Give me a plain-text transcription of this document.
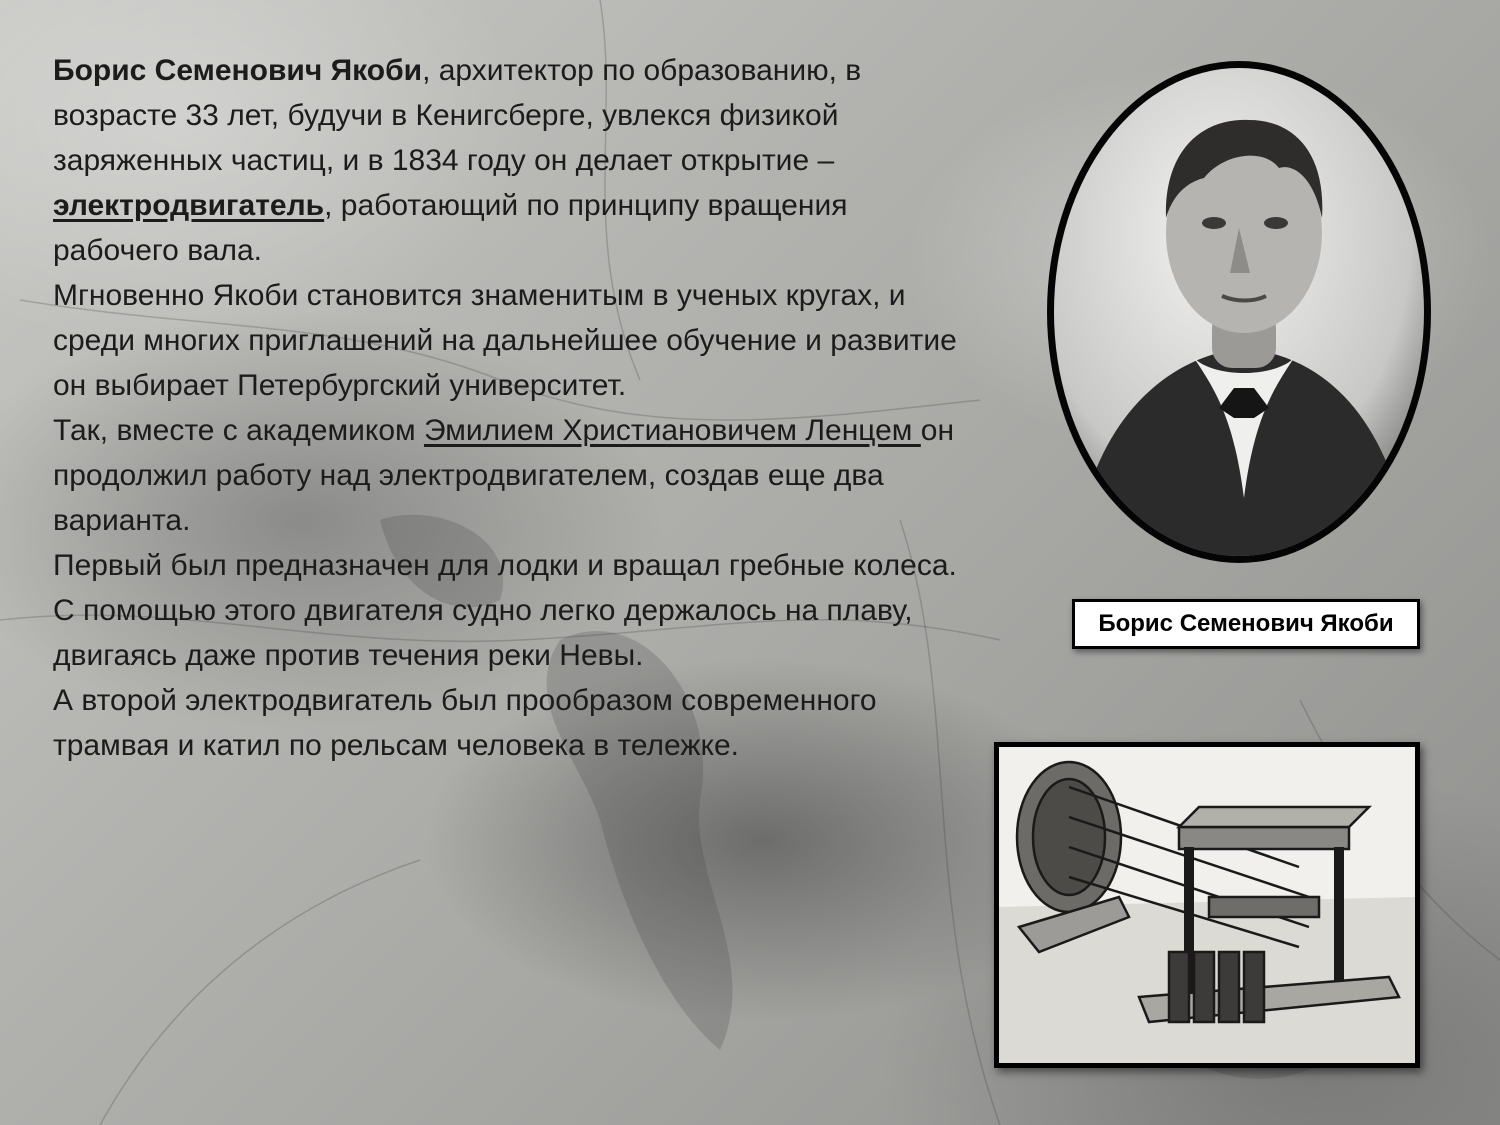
Борис Семенович Якоби, архитектор по образованию, в возрасте 33 лет, будучи в Кенигсберге, увлекся физикой заряженных частиц, и в 1834 году он делает открытие –
электродвигатель, работающий по принципу вращения рабочего вала.

Мгновенно Якоби становится знаменитым в ученых кругах, и среди многих приглашений на дальнейшее обучение и развитие он выбирает Петербургский университет.

Так, вместе с академиком Эмилием Христиановичем Ленцем он продолжил работу над электродвигателем, создав еще два варианта.

Первый был предназначен для лодки и вращал гребные колеса. С помощью этого двигателя судно легко держалось на плаву, двигаясь даже против течения реки Невы.

А второй электродвигатель был прообразом современного трамвая и катил по рельсам человека в тележке.

Борис Семенович Якоби
